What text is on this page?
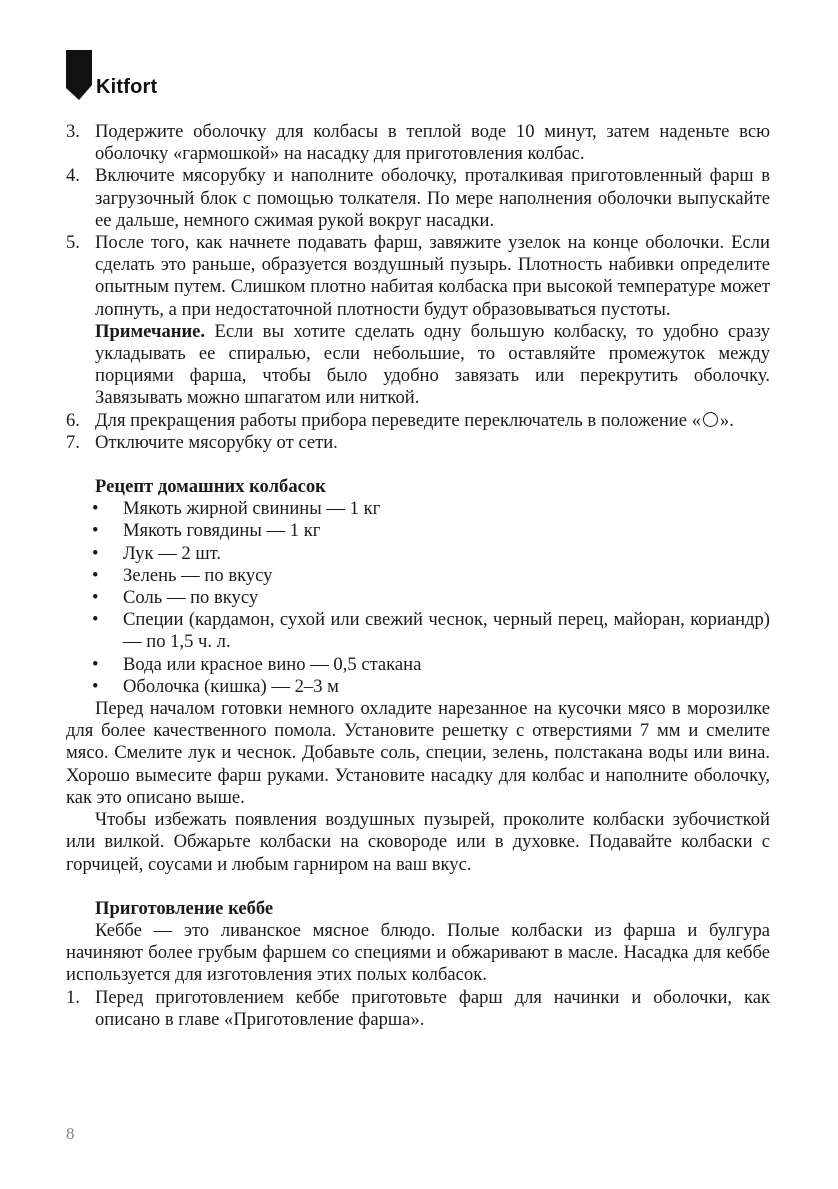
Kitfort
3. Подержите оболочку для колбасы в теплой воде 10 минут, затем наденьте всю оболочку «гармошкой» на насадку для приготовления колбас.
4. Включите мясорубку и наполните оболочку, проталкивая приготовленный фарш в загрузочный блок с помощью толкателя. По мере наполнения оболочки выпускайте ее дальше, немного сжимая рукой вокруг насадки.
5. После того, как начнете подавать фарш, завяжите узелок на конце оболочки. Если сделать это раньше, образуется воздушный пузырь. Плотность набивки определите опытным путем. Слишком плотно набитая колбаска при высокой температуре может лопнуть, а при недостаточной плотности будут образовываться пустоты.
Примечание. Если вы хотите сделать одну большую колбаску, то удобно сразу укладывать ее спиралью, если небольшие, то оставляйте промежуток между порциями фарша, чтобы было удобно завязать или перекрутить оболочку. Завязывать можно шпагатом или ниткой.
6. Для прекращения работы прибора переведите переключатель в положение « ».
7. Отключите мясорубку от сети.
Рецепт домашних колбасок
• Мякоть жирной свинины — 1 кг
• Мякоть говядины — 1 кг
• Лук — 2 шт.
• Зелень — по вкусу
• Соль — по вкусу
• Специи (кардамон, сухой или свежий чеснок, черный перец, майоран, кориандр) — по 1,5 ч. л.
• Вода или красное вино — 0,5 стакана
• Оболочка (кишка) — 2–3 м

Перед началом готовки немного охладите нарезанное на кусочки мясо в морозилке для более качественного помола. Установите решетку с отверстиями 7 мм и смелите мясо. Смелите лук и чеснок. Добавьте соль, специи, зелень, полстакана воды или вина. Хорошо вымесите фарш руками. Установите насадку для колбас и наполните оболочку, как это описано выше.

Чтобы избежать появления воздушных пузырей, проколите колбаски зубочисткой или вилкой. Обжарьте колбаски на сковороде или в духовке. Подавайте колбаски с горчицей, соусами и любым гарниром на ваш вкус.

Приготовление кеббе

Кеббе — это ливанское мясное блюдо. Полые колбаски из фарша и булгура начиняют более грубым фаршем со специями и обжаривают в масле. Насадка для кеббе используется для изготовления этих полых колбасок.

1. Перед приготовлением кеббе приготовьте фарш для начинки и оболочки, как описано в главе «Приготовление фарша».
8
